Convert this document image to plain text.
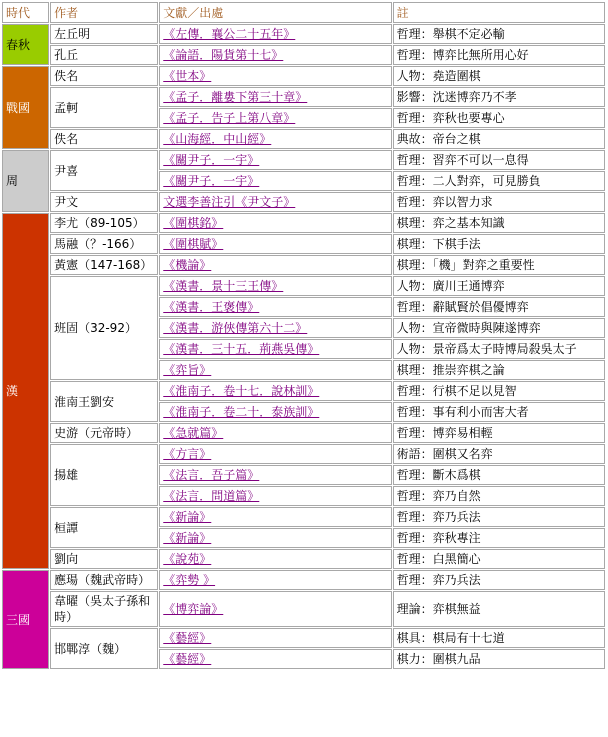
時代	作者	文獻／出處	註
春秋	左丘明	《左傳．襄公二十五年》	哲理：舉棋不定必輸
	孔丘	《論語．陽貨第十七》	哲理：博弈比無所用心好
戰國	佚名	《世本》	人物：堯造圍棋
	孟軻	《孟子．離婁下第三十章》	影響：沈迷博弈乃不孝
		《孟子．告子上第八章》	哲理：弈秋也要專心
	佚名	《山海經．中山經》	典故：帝台之棋
周	尹喜	《關尹子．一宇》	哲理：習弈不可以一息得
		《關尹子．一宇》	哲理：二人對弈，可見勝負
	尹文	文選李善注引《尹文子》	哲理：弈以智力求
漢	李尤（89-105）	《圍棋銘》	棋理：弈之基本知識
	馬融（？-166）	《圍棋賦》	棋理：下棋手法
	黃憲（147-168）	《機論》	棋理：「機」對弈之重要性
	班固（32-92）	《漢書．景十三王傳》	人物：廣川王通博弈
		《漢書．王褒傳》	哲理：辭賦賢於倡優博弈
		《漢書．游俠傳第六十二》	人物：宣帝微時與陳遂博弈
		《漢書．三十五．荊燕吳傳》	人物：景帝爲太子時博局殺吳太子
		《弈旨》	棋理：推崇弈棋之論
	淮南王劉安	《淮南子．卷十七．說林訓》	哲理：行棋不足以見智
		《淮南子．卷二十．泰族訓》	哲理：事有利小而害大者
	史游（元帝時）	《急就篇》	哲理：博弈易相輕
	揚雄	《方言》	術語：圍棋又名弈
		《法言．吾子篇》	哲理：斷木爲棋
		《法言．問道篇》	哲理：弈乃自然
	桓譚	《新論》	哲理：弈乃兵法
		《新論》	哲理：弈秋專注
	劉向	《說苑》	哲理：白黑簡心
三國	應瑒（魏武帝時）	《弈勢 》	哲理：弈乃兵法
	韋曜（吳太子孫和時）	《博弈論》	理論：弈棋無益
	邯鄲淳（魏）	《藝經》	棋具：棋局有十七道
		《藝經》	棋力：圍棋九品
